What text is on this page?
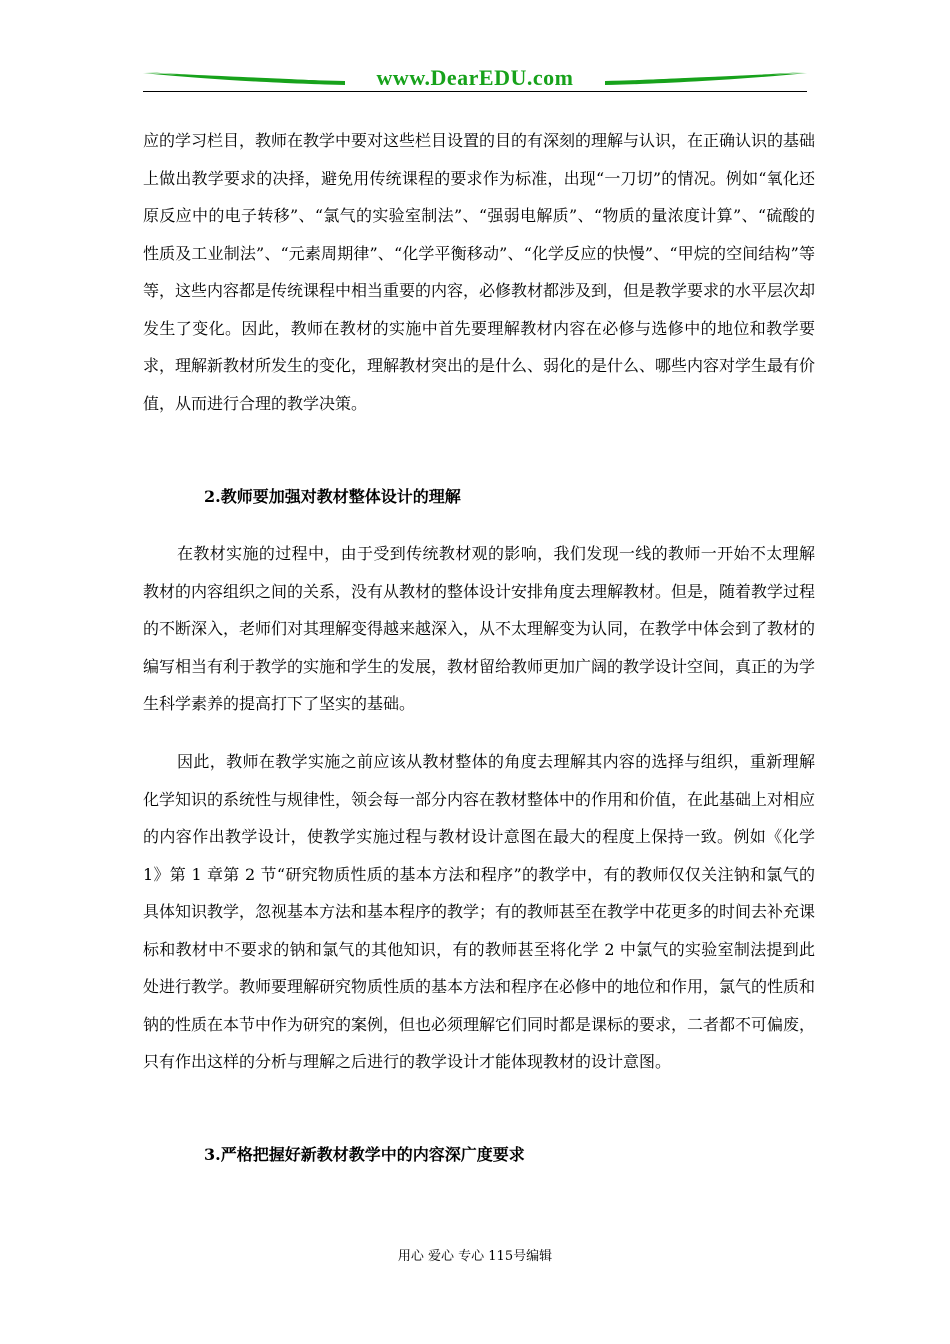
www.DearEDU.com

应的学习栏目，教师在教学中要对这些栏目设置的目的有深刻的理解与认识，在正确认识的基础上做出教学要求的决择，避免用传统课程的要求作为标准，出现“一刀切”的情况。例如“氧化还原反应中的电子转移”、“氯气的实验室制法”、“强弱电解质”、“物质的量浓度计算”、“硫酸的性质及工业制法”、“元素周期律”、“化学平衡移动”、“化学反应的快慢”、“甲烷的空间结构”等等，这些内容都是传统课程中相当重要的内容，必修教材都涉及到，但是教学要求的水平层次却发生了变化。因此，教师在教材的实施中首先要理解教材内容在必修与选修中的地位和教学要求，理解新教材所发生的变化，理解教材突出的是什么、弱化的是什么、哪些内容对学生最有价值，从而进行合理的教学决策。

2.教师要加强对教材整体设计的理解

在教材实施的过程中，由于受到传统教材观的影响，我们发现一线的教师一开始不太理解教材的内容组织之间的关系，没有从教材的整体设计安排角度去理解教材。但是，随着教学过程的不断深入，老师们对其理解变得越来越深入，从不太理解变为认同，在教学中体会到了教材的编写相当有利于教学的实施和学生的发展，教材留给教师更加广阔的教学设计空间，真正的为学生科学素养的提高打下了坚实的基础。

因此，教师在教学实施之前应该从教材整体的角度去理解其内容的选择与组织，重新理解化学知识的系统性与规律性，领会每一部分内容在教材整体中的作用和价值，在此基础上对相应的内容作出教学设计，使教学实施过程与教材设计意图在最大的程度上保持一致。例如《化学 1》第 1 章第 2 节“研究物质性质的基本方法和程序”的教学中，有的教师仅仅关注钠和氯气的具体知识教学，忽视基本方法和基本程序的教学；有的教师甚至在教学中花更多的时间去补充课标和教材中不要求的钠和氯气的其他知识，有的教师甚至将化学 2 中氯气的实验室制法提到此处进行教学。教师要理解研究物质性质的基本方法和程序在必修中的地位和作用，氯气的性质和钠的性质在本节中作为研究的案例，但也必须理解它们同时都是课标的要求，二者都不可偏废，只有作出这样的分析与理解之后进行的教学设计才能体现教材的设计意图。

3.严格把握好新教材教学中的内容深广度要求

用心 爱心 专心 115号编辑
